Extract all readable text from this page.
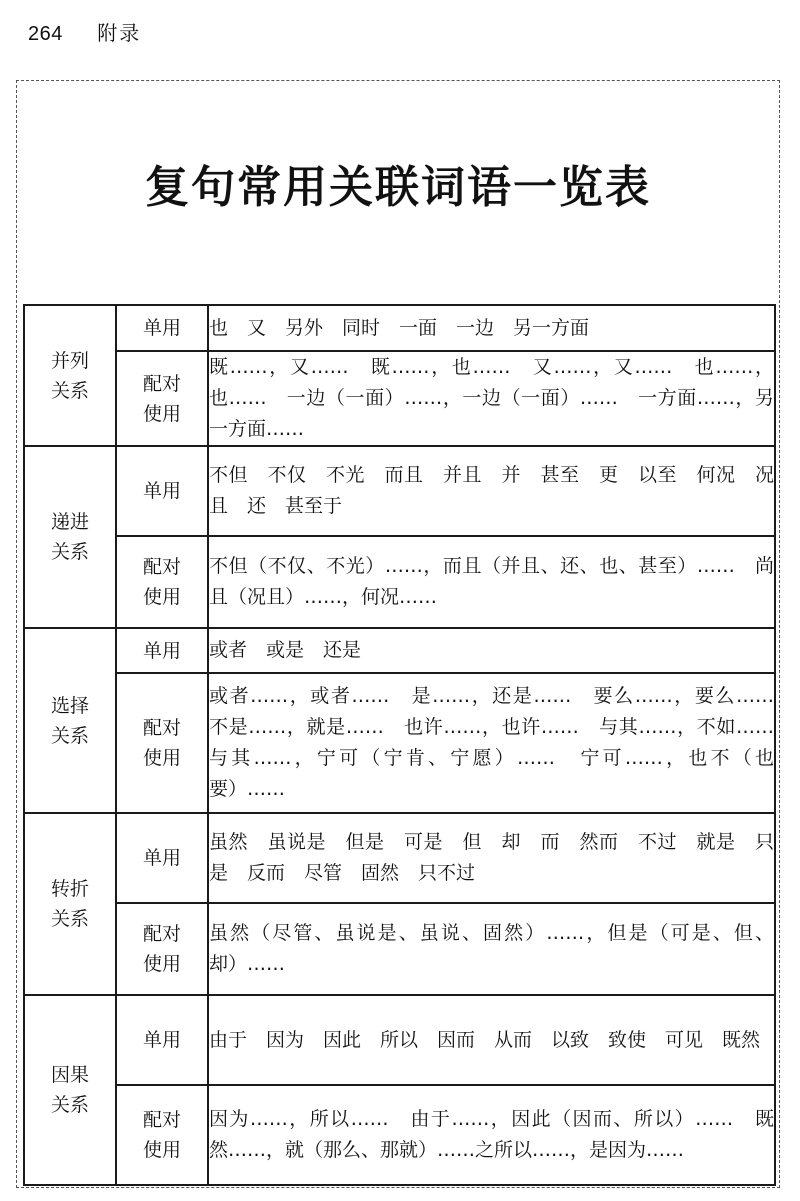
264 附录
复句常用关联词语一览表
并列关系	单用	也　又　另外　同时　一面　一边　另一方面
	配对使用	既……，又……　既……，也……　又……，又……　也……，也……　一边（一面）……，一边（一面）……　一方面……，另一方面……
递进关系	单用	不但　不仅　不光　而且　并且　并　甚至　更　以至　何况　况且　还　甚至于
	配对使用	不但（不仅、不光）……，而且（并且、还、也、甚至）……　尚且（况且）……，何况……
选择关系	单用	或者　或是　还是
	配对使用	或者……，或者……　是……，还是……　要么……，要么……　不是……，就是……　也许……，也许……　与其……，不如……　与其……，宁可（宁肯、宁愿）……　宁可……，也不（也要）……
转折关系	单用	虽然　虽说是　但是　可是　但　却　而　然而　不过　就是　只是　反而　尽管　固然　只不过
	配对使用	虽然（尽管、虽说是、虽说、固然）……，但是（可是、但、却）……
因果关系	单用	由于　因为　因此　所以　因而　从而　以致　致使　可见　既然
	配对使用	因为……，所以……　由于……，因此（因而、所以）……　既然……，就（那么、那就）……之所以……，是因为……
